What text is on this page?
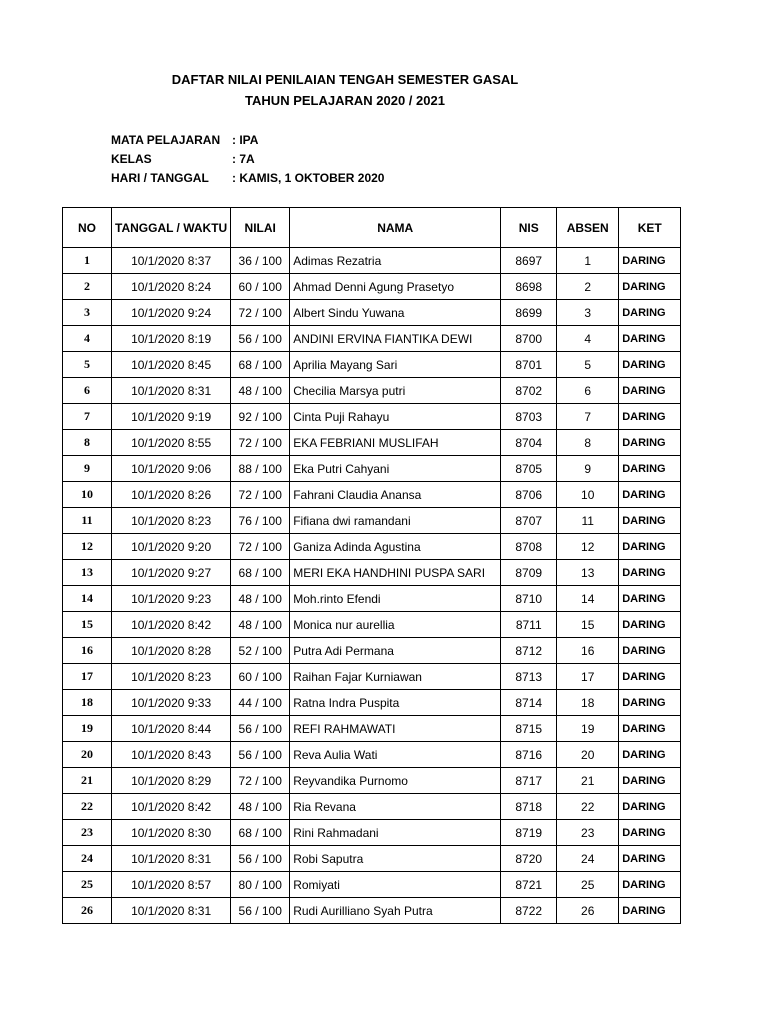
DAFTAR NILAI PENILAIAN TENGAH SEMESTER GASAL
TAHUN PELAJARAN 2020 / 2021
MATA PELAJARAN : IPA
KELAS	: 7A
HARI / TANGGAL : KAMIS, 1 OKTOBER 2020
NO	TANGGAL / WAKTU	NILAI	NAMA	NIS	ABSEN	KET
1	10/1/2020 8:37	36 / 100	Adimas Rezatria	8697	1	DARING
2	10/1/2020 8:24	60 / 100	Ahmad Denni Agung Prasetyo	8698	2	DARING
3	10/1/2020 9:24	72 / 100	Albert Sindu Yuwana	8699	3	DARING
4	10/1/2020 8:19	56 / 100	ANDINI ERVINA FIANTIKA DEWI	8700	4	DARING
5	10/1/2020 8:45	68 / 100	Aprilia Mayang Sari	8701	5	DARING
6	10/1/2020 8:31	48 / 100	Checilia Marsya putri	8702	6	DARING
7	10/1/2020 9:19	92 / 100	Cinta Puji Rahayu	8703	7	DARING
8	10/1/2020 8:55	72 / 100	EKA FEBRIANI MUSLIFAH	8704	8	DARING
9	10/1/2020 9:06	88 / 100	Eka Putri Cahyani	8705	9	DARING
10	10/1/2020 8:26	72 / 100	Fahrani Claudia Anansa	8706	10	DARING
11	10/1/2020 8:23	76 / 100	Fifiana dwi ramandani	8707	11	DARING
12	10/1/2020 9:20	72 / 100	Ganiza Adinda Agustina	8708	12	DARING
13	10/1/2020 9:27	68 / 100	MERI EKA HANDHINI PUSPA SARI	8709	13	DARING
14	10/1/2020 9:23	48 / 100	Moh.rinto Efendi	8710	14	DARING
15	10/1/2020 8:42	48 / 100	Monica nur aurellia	8711	15	DARING
16	10/1/2020 8:28	52 / 100	Putra Adi Permana	8712	16	DARING
17	10/1/2020 8:23	60 / 100	Raihan Fajar Kurniawan	8713	17	DARING
18	10/1/2020 9:33	44 / 100	Ratna Indra Puspita	8714	18	DARING
19	10/1/2020 8:44	56 / 100	REFI RAHMAWATI	8715	19	DARING
20	10/1/2020 8:43	56 / 100	Reva Aulia Wati	8716	20	DARING
21	10/1/2020 8:29	72 / 100	Reyvandika Purnomo	8717	21	DARING
22	10/1/2020 8:42	48 / 100	Ria Revana	8718	22	DARING
23	10/1/2020 8:30	68 / 100	Rini Rahmadani	8719	23	DARING
24	10/1/2020 8:31	56 / 100	Robi Saputra	8720	24	DARING
25	10/1/2020 8:57	80 / 100	Romiyati	8721	25	DARING
26	10/1/2020 8:31	56 / 100	Rudi Aurilliano Syah Putra	8722	26	DARING
